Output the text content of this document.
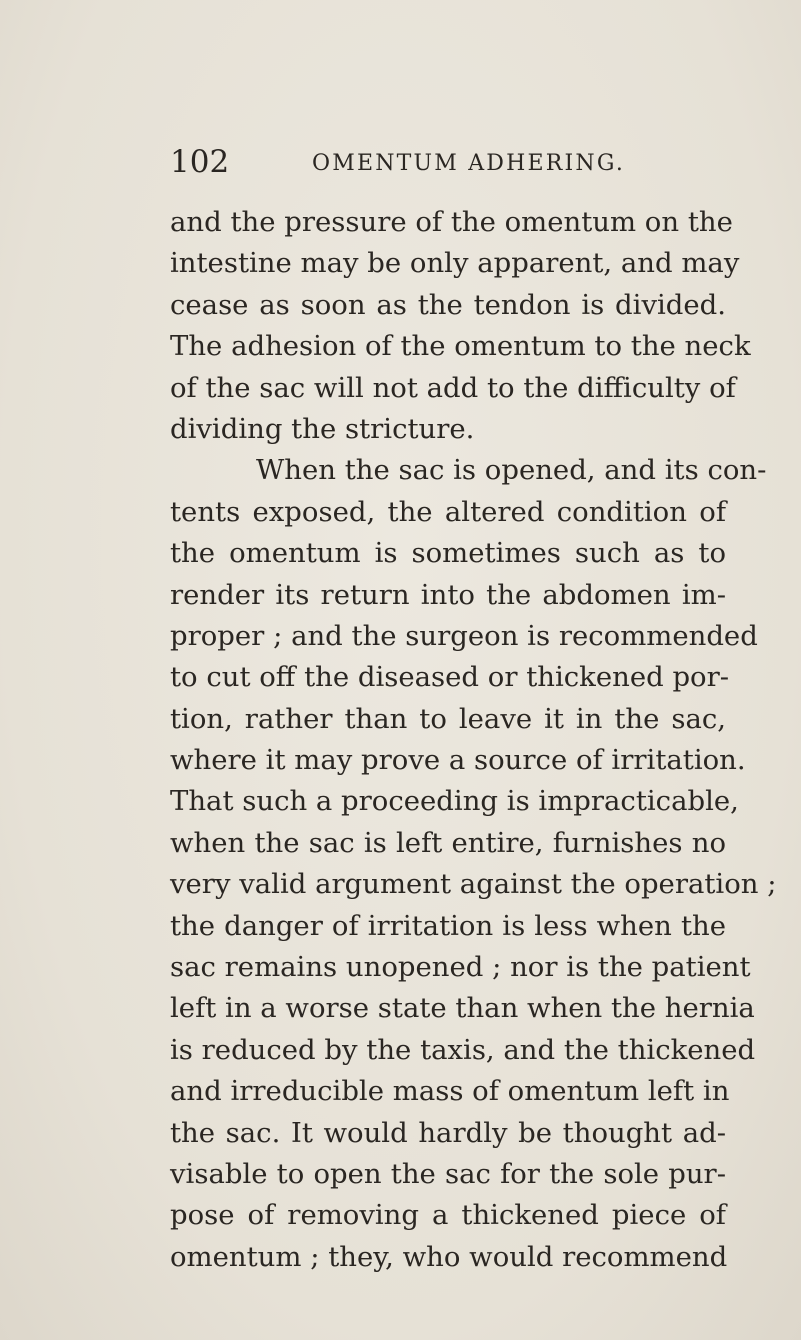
102	OMENTUM ADHERING.
and the pressure of the omentum on the
intestine may be only apparent, and may
cease as soon as the tendon is divided.
The adhesion of the omentum to the neck
of the sac will not add to the difficulty of
dividing the stricture.
When the sac is opened, and its con-
tents exposed, the altered condition of
the omentum is sometimes such as to
render its return into the abdomen im-
proper ; and the surgeon is recommended
to cut off the diseased or thickened por-
tion, rather than to leave it in the sac,
where it may prove a source of irritation.
That such a proceeding is impracticable,
when the sac is left entire, furnishes no
very valid argument against the operation ;
the danger of irritation is less when the
sac remains unopened ; nor is the patient
left in a worse state than when the hernia
is reduced by the taxis, and the thickened
and irreducible mass of omentum left in
the sac. It would hardly be thought ad-
visable to open the sac for the sole pur-
pose of removing a thickened piece of
omentum ; they, who would recommend
